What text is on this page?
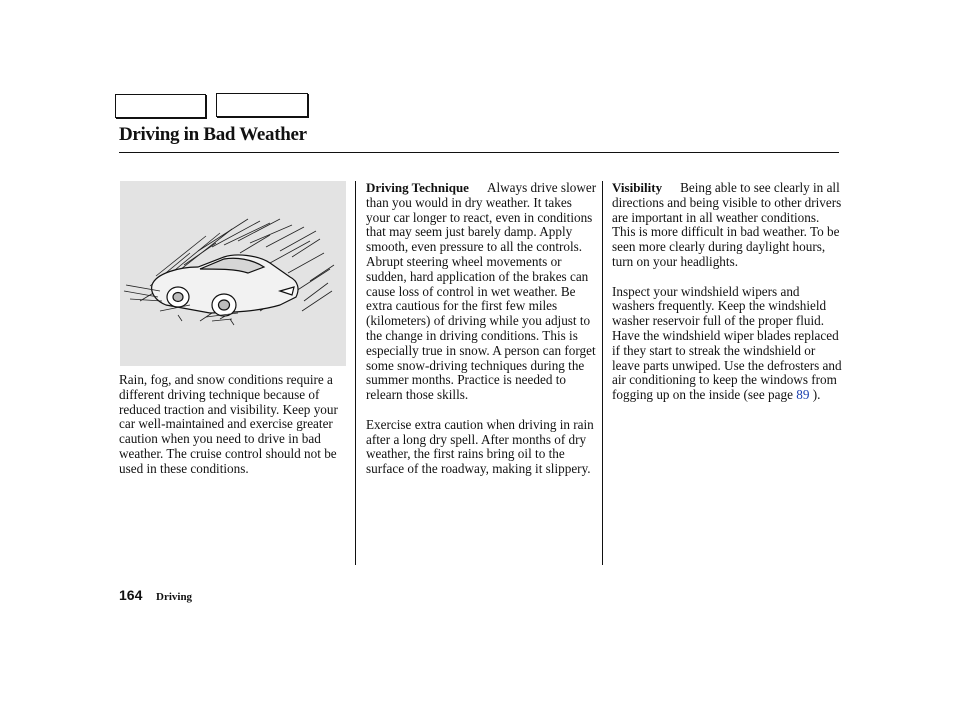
Driving in Bad Weather

Rain, fog, and snow conditions require a different driving technique because of reduced traction and visibility. Keep your car well-maintained and exercise greater caution when you need to drive in bad weather. The cruise control should not be used in these conditions.

Driving Technique Always drive slower than you would in dry weather. It takes your car longer to react, even in conditions that may seem just barely damp. Apply smooth, even pressure to all the controls. Abrupt steering wheel movements or sudden, hard application of the brakes can cause loss of control in wet weather. Be extra cautious for the first few miles (kilometers) of driving while you adjust to the change in driving conditions. This is especially true in snow. A person can forget some snow-driving techniques during the summer months. Practice is needed to relearn those skills.

Exercise extra caution when driving in rain after a long dry spell. After months of dry weather, the first rains bring oil to the surface of the roadway, making it slippery.

Visibility Being able to see clearly in all directions and being visible to other drivers are important in all weather conditions. This is more difficult in bad weather. To be seen more clearly during daylight hours, turn on your headlights.

Inspect your windshield wipers and washers frequently. Keep the windshield washer reservoir full of the proper fluid. Have the windshield wiper blades replaced if they start to streak the windshield or leave parts unwiped. Use the defrosters and air conditioning to keep the windows from fogging up on the inside (see page 89 ).

164 Driving
